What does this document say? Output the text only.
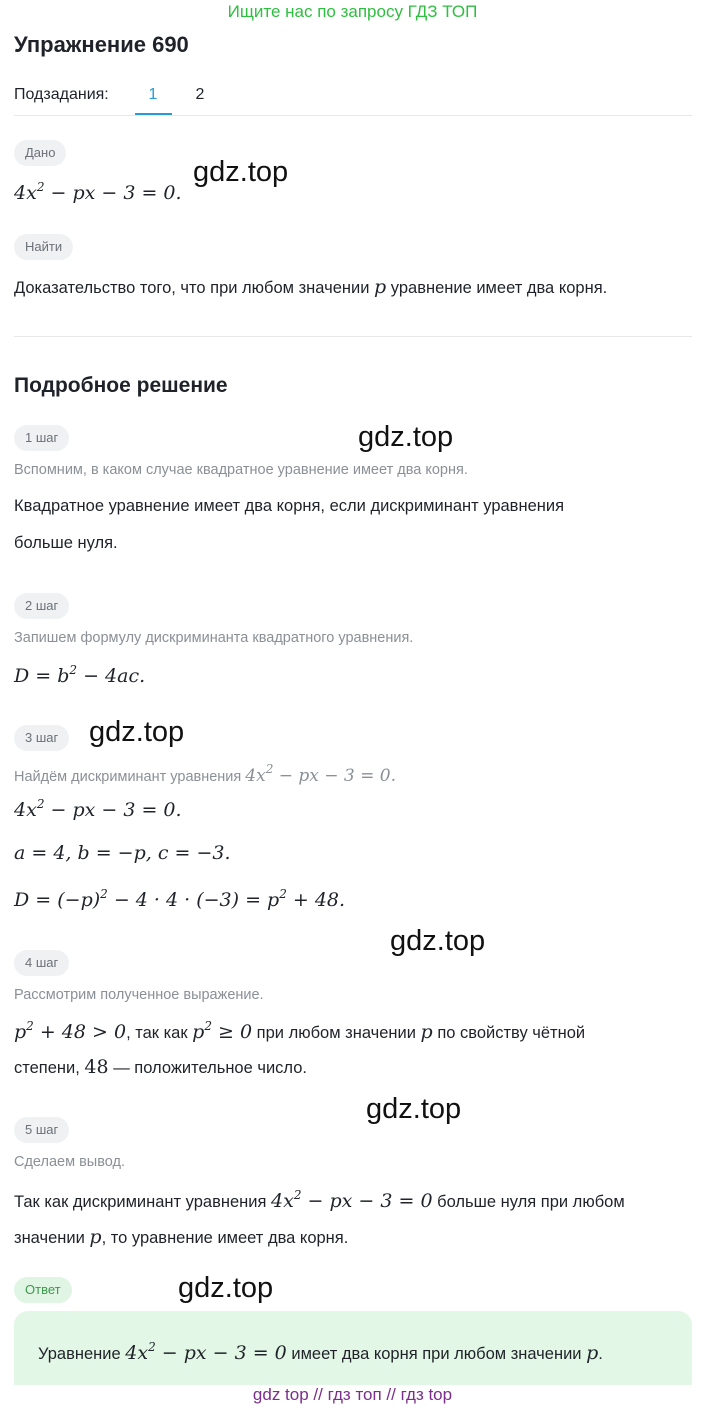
Ищите нас по запросу ГДЗ ТОП
Упражнение 690
Подзадания:	1	2
Дано
$4x^2$ − px − 3 = 0.
gdz.top
Найти
Доказательство того, что при любом значении p уравнение имеет два корня.
Подробное решение
1 шаг	gdz.top
Вспомним, в каком случае квадратное уравнение имеет два корня.
Квадратное уравнение имеет два корня, если дискриминант уравнения
больше нуля.
2 шаг
Запишем формулу дискриминанта квадратного уравнения.
$D = b^2 - 4ac$.
3 шаг	gdz.top
Найдём дискриминант уравнения $4x^2$ − px − 3 = 0.
$4x^2$ − px − 3 = 0.
a = 4, b = −p, c = −3.
$D = (-p)^2 - 4 \cdot 4 \cdot (-3) = p^2 + 48$.
gdz.top
4 шаг
Рассмотрим полученное выражение.
$p^2 + 48 > 0$, так как $p^2 \ge 0$ при любом значении p по свойству чётной
степени, 48 — положительное число.
gdz.top
5 шаг
Сделаем вывод.
Так как дискриминант уравнения $4x^2$ − px − 3 = 0 больше нуля при любом
значении p, то уравнение имеет два корня.
Ответ	gdz.top
Уравнение $4x^2$ − px − 3 = 0 имеет два корня при любом значении p.
gdz top // гдз топ // гдз top
